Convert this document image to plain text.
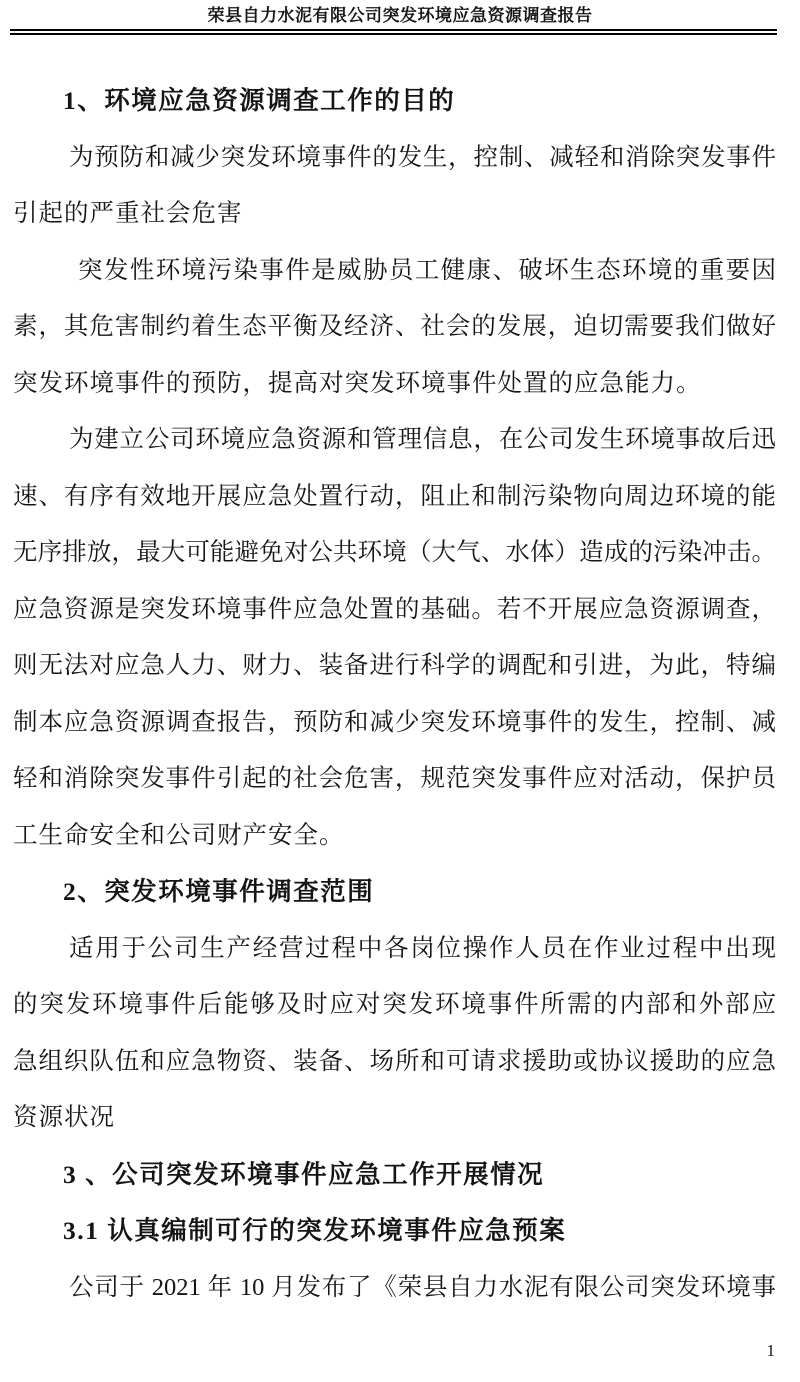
荣县自力水泥有限公司突发环境应急资源调查报告
1、环境应急资源调查工作的目的
为预防和减少突发环境事件的发生，控制、减轻和消除突发事件
引起的严重社会危害
突发性环境污染事件是威胁员工健康、破坏生态环境的重要因
素，其危害制约着生态平衡及经济、社会的发展，迫切需要我们做好
突发环境事件的预防，提高对突发环境事件处置的应急能力。
为建立公司环境应急资源和管理信息，在公司发生环境事故后迅
速、有序有效地开展应急处置行动，阻止和制污染物向周边环境的能
无序排放，最大可能避免对公共环境（大气、水体）造成的污染冲击。
应急资源是突发环境事件应急处置的基础。若不开展应急资源调查，
则无法对应急人力、财力、装备进行科学的调配和引进，为此，特编
制本应急资源调查报告，预防和减少突发环境事件的发生，控制、减
轻和消除突发事件引起的社会危害，规范突发事件应对活动，保护员
工生命安全和公司财产安全。
2、突发环境事件调查范围
适用于公司生产经营过程中各岗位操作人员在作业过程中出现
的突发环境事件后能够及时应对突发环境事件所需的内部和外部应
急组织队伍和应急物资、装备、场所和可请求援助或协议援助的应急
资源状况
3 、公司突发环境事件应急工作开展情况
3.1 认真编制可行的突发环境事件应急预案
公司于 2021 年 10 月发布了《荣县自力水泥有限公司突发环境事
1
